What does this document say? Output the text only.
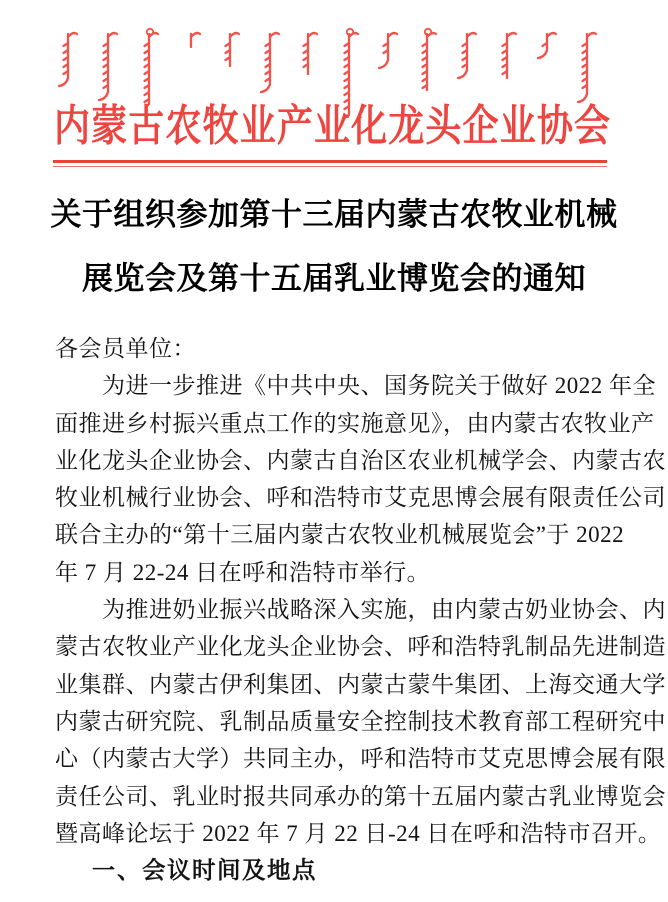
内 蒙 古 农 牧 业 产 业 化 龙 头 企 业 协 会
关于组织参加第十三届内蒙古农牧业机械
展览会及第十五届乳业博览会的通知
各会员单位：
为进一步推进《中共中央、国务院关于做好 2022 年全
面推进乡村振兴重点工作的实施意见》，由内蒙古农牧业产
业化龙头企业协会、内蒙古自治区农业机械学会、内蒙古农
牧业机械行业协会、呼和浩特市艾克思博会展有限责任公司
联合主办的“第十三届内蒙古农牧业机械展览会”于 2022
年 7 月 22-24 日在呼和浩特市举行。
为推进奶业振兴战略深入实施，由内蒙古奶业协会、内
蒙古农牧业产业化龙头企业协会、呼和浩特乳制品先进制造
业集群、内蒙古伊利集团、内蒙古蒙牛集团、上海交通大学
内蒙古研究院、乳制品质量安全控制技术教育部工程研究中
心（内蒙古大学）共同主办，呼和浩特市艾克思博会展有限
责任公司、乳业时报共同承办的第十五届内蒙古乳业博览会
暨高峰论坛于 2022 年 7 月 22 日-24 日在呼和浩特市召开。
一、会议时间及地点
